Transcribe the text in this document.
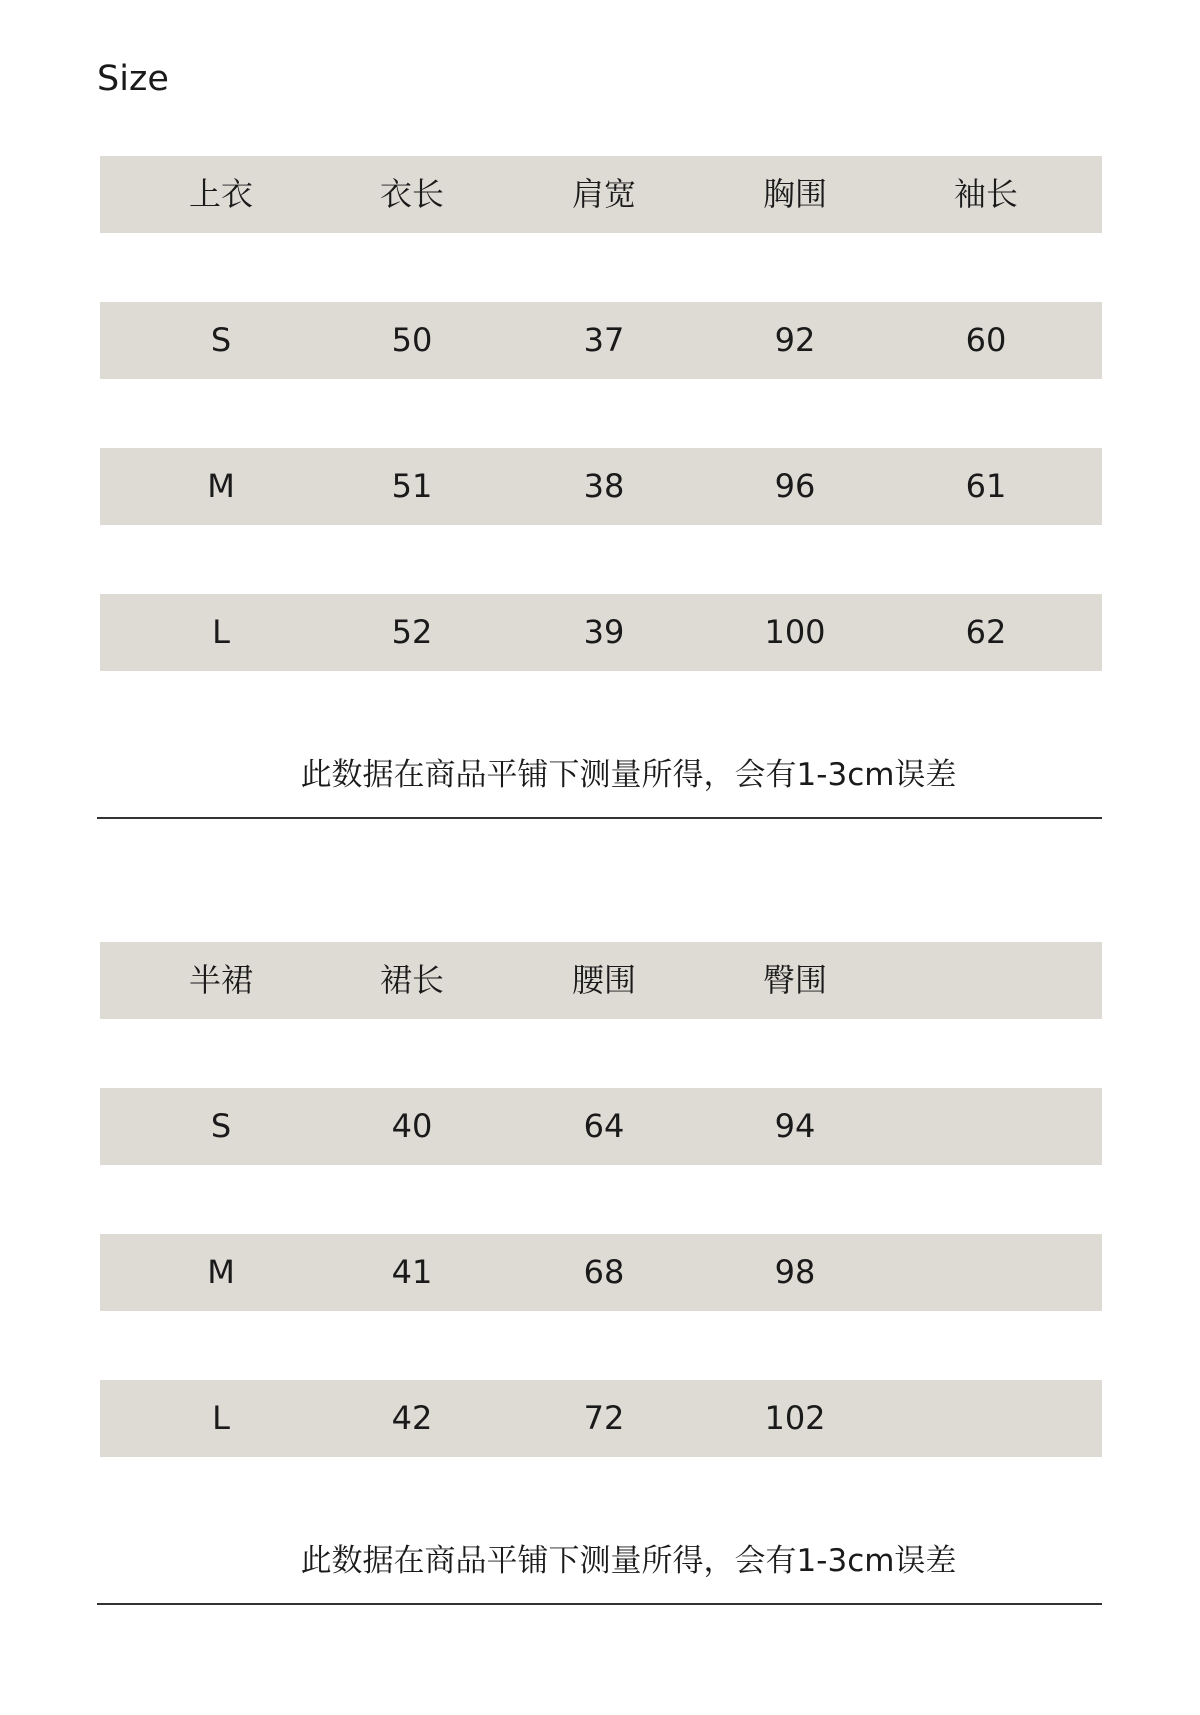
Size
上衣	衣长	肩宽	胸围	袖长
S	50	37	92	60
M	51	38	96	61
L	52	39	100	62
此数据在商品平铺下测量所得，会有1-3cm误差
半裙	裙长	腰围	臀围
S	40	64	94
M	41	68	98
L	42	72	102
此数据在商品平铺下测量所得，会有1-3cm误差
